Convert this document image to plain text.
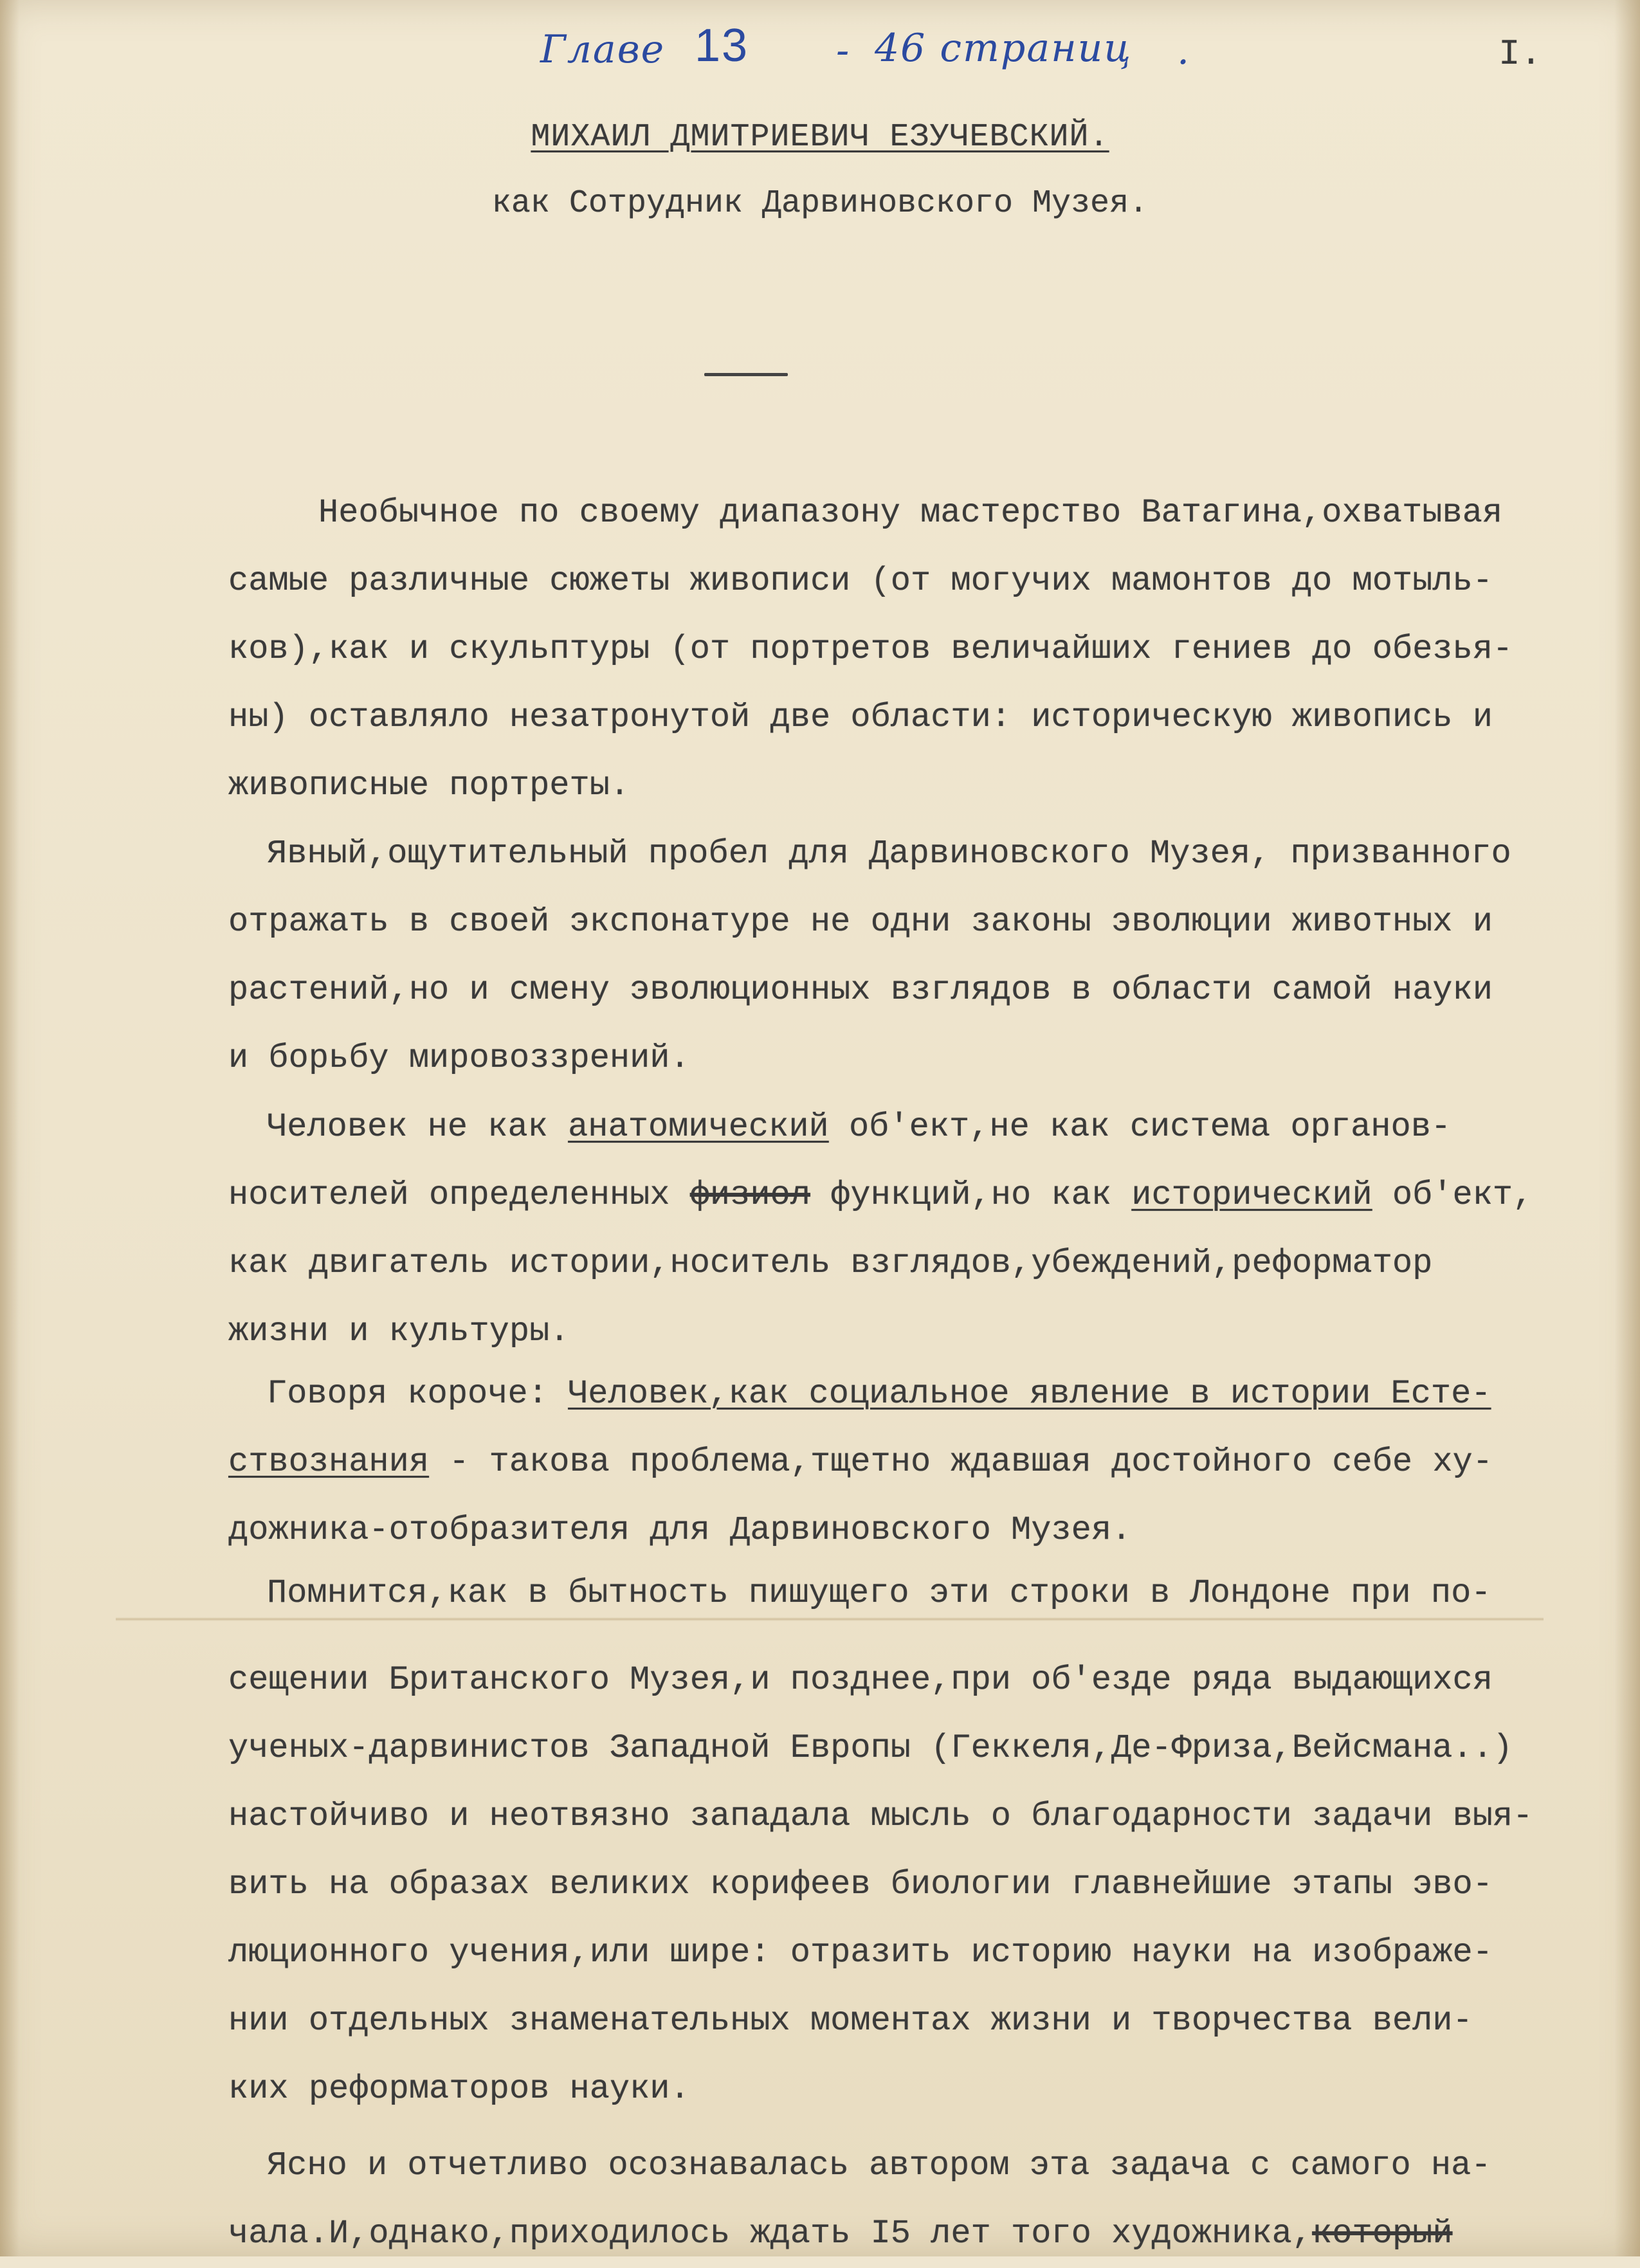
Главе 13 - 46 страниц .	I.
МИХАИЛ ДМИТРИЕВИЧ ЕЗУЧЕВСКИЙ.
как Сотрудник Дарвиновского Музея.
Необычное по своему диапазону мастерство Ватагина,охватывая
самые различные сюжеты живописи (от могучих мамонтов до мотыль-
ков),как и скульптуры (от портретов величайших гениев до обезья-
ны) оставляло незатронутой две области: историческую живопись и
живописные портреты.
Явный,ощутительный пробел для Дарвиновского Музея, призванного
отражать в своей экспонатуре не одни законы эволюции животных и
растений,но и смену эволюционных взглядов в области самой науки
и борьбу мировоззрений.
Человек не как анатомический об'ект,не как система органов-
носителей определенных физиол функций,но как исторический об'ект,
как двигатель истории,носитель взглядов,убеждений,реформатор
жизни и культуры.
Говоря короче: Человек,как социальное явление в истории Есте-
ствознания - такова проблема,тщетно ждавшая достойного себе ху-
дожника-отобразителя для Дарвиновского Музея.
Помнится,как в бытность пишущего эти строки в Лондоне при по-
сещении Британского Музея,и позднее,при об'езде ряда выдающихся
ученых-дарвинистов Западной Европы (Геккеля,Де-Фриза,Вейсмана..)
настойчиво и неотвязно западала мысль о благодарности задачи выя-
вить на образах великих корифеев биологии главнейшие этапы эво-
люционного учения,или шире: отразить историю науки на изображе-
нии отдельных знаменательных моментах жизни и творчества вели-
ких реформаторов науки.
Ясно и отчетливо осознавалась автором эта задача с самого на-
чала.И,однако,приходилось ждать I5 лет того художника,который
